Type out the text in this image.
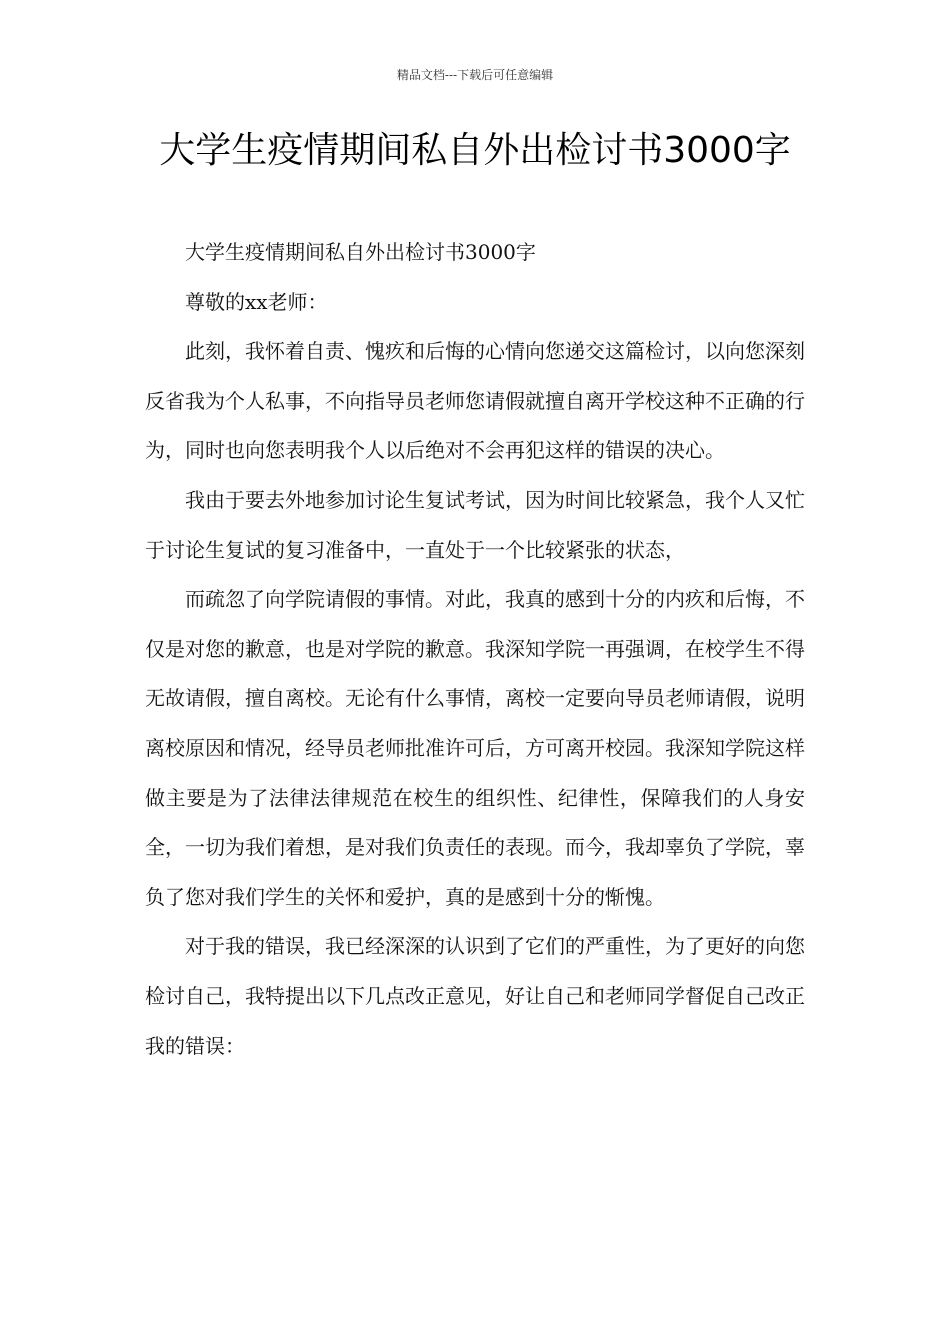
精品文档---下载后可任意编辑
大学生疫情期间私自外出检讨书3000字

大学生疫情期间私自外出检讨书3000字

尊敬的xx老师：

此刻，我怀着自责、愧疚和后悔的心情向您递交这篇检讨，以向您深刻反省我为个人私事，不向指导员老师您请假就擅自离开学校这种不正确的行为，同时也向您表明我个人以后绝对不会再犯这样的错误的决心。

我由于要去外地参加讨论生复试考试，因为时间比较紧急，我个人又忙于讨论生复试的复习准备中，一直处于一个比较紧张的状态，

而疏忽了向学院请假的事情。对此，我真的感到十分的内疚和后悔，不仅是对您的歉意，也是对学院的歉意。我深知学院一再强调，在校学生不得无故请假，擅自离校。无论有什么事情，离校一定要向导员老师请假，说明离校原因和情况，经导员老师批准许可后，方可离开校园。我深知学院这样做主要是为了法律法律规范在校生的组织性、纪律性，保障我们的人身安全，一切为我们着想，是对我们负责任的表现。而今，我却辜负了学院，辜负了您对我们学生的关怀和爱护，真的是感到十分的惭愧。

对于我的错误，我已经深深的认识到了它们的严重性，为了更好的向您检讨自己，我特提出以下几点改正意见，好让自己和老师同学督促自己改正我的错误：
